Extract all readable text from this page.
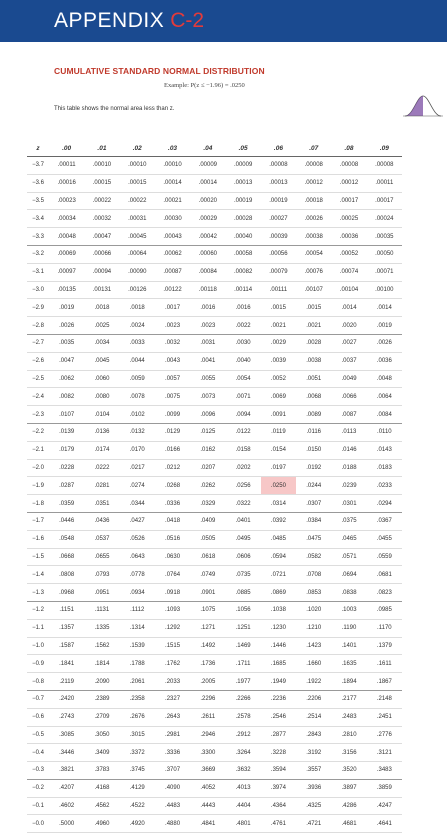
APPENDIX C-2
CUMULATIVE STANDARD NORMAL DISTRIBUTION
Example: P(z ≤ −1.96) = .0250
This table shows the normal area less than z.
z	.00	.01	.02	.03	.04	.05	.06	.07	.08	.09
−3.7	.00011	.00010	.00010	.00010	.00009	.00009	.00008	.00008	.00008	.00008
−3.6	.00016	.00015	.00015	.00014	.00014	.00013	.00013	.00012	.00012	.00011
−3.5	.00023	.00022	.00022	.00021	.00020	.00019	.00019	.00018	.00017	.00017
−3.4	.00034	.00032	.00031	.00030	.00029	.00028	.00027	.00026	.00025	.00024
−3.3	.00048	.00047	.00045	.00043	.00042	.00040	.00039	.00038	.00036	.00035
−3.2	.00069	.00066	.00064	.00062	.00060	.00058	.00056	.00054	.00052	.00050
−3.1	.00097	.00094	.00090	.00087	.00084	.00082	.00079	.00076	.00074	.00071
−3.0	.00135	.00131	.00126	.00122	.00118	.00114	.00111	.00107	.00104	.00100
−2.9	.0019	.0018	.0018	.0017	.0016	.0016	.0015	.0015	.0014	.0014
−2.8	.0026	.0025	.0024	.0023	.0023	.0022	.0021	.0021	.0020	.0019
−2.7	.0035	.0034	.0033	.0032	.0031	.0030	.0029	.0028	.0027	.0026
−2.6	.0047	.0045	.0044	.0043	.0041	.0040	.0039	.0038	.0037	.0036
−2.5	.0062	.0060	.0059	.0057	.0055	.0054	.0052	.0051	.0049	.0048
−2.4	.0082	.0080	.0078	.0075	.0073	.0071	.0069	.0068	.0066	.0064
−2.3	.0107	.0104	.0102	.0099	.0096	.0094	.0091	.0089	.0087	.0084
−2.2	.0139	.0136	.0132	.0129	.0125	.0122	.0119	.0116	.0113	.0110
−2.1	.0179	.0174	.0170	.0166	.0162	.0158	.0154	.0150	.0146	.0143
−2.0	.0228	.0222	.0217	.0212	.0207	.0202	.0197	.0192	.0188	.0183
−1.9	.0287	.0281	.0274	.0268	.0262	.0256	.0250	.0244	.0239	.0233
−1.8	.0359	.0351	.0344	.0336	.0329	.0322	.0314	.0307	.0301	.0294
−1.7	.0446	.0436	.0427	.0418	.0409	.0401	.0392	.0384	.0375	.0367
−1.6	.0548	.0537	.0526	.0516	.0505	.0495	.0485	.0475	.0465	.0455
−1.5	.0668	.0655	.0643	.0630	.0618	.0606	.0594	.0582	.0571	.0559
−1.4	.0808	.0793	.0778	.0764	.0749	.0735	.0721	.0708	.0694	.0681
−1.3	.0968	.0951	.0934	.0918	.0901	.0885	.0869	.0853	.0838	.0823
−1.2	.1151	.1131	.1112	.1093	.1075	.1056	.1038	.1020	.1003	.0985
−1.1	.1357	.1335	.1314	.1292	.1271	.1251	.1230	.1210	.1190	.1170
−1.0	.1587	.1562	.1539	.1515	.1492	.1469	.1446	.1423	.1401	.1379
−0.9	.1841	.1814	.1788	.1762	.1736	.1711	.1685	.1660	.1635	.1611
−0.8	.2119	.2090	.2061	.2033	.2005	.1977	.1949	.1922	.1894	.1867
−0.7	.2420	.2389	.2358	.2327	.2296	.2266	.2236	.2206	.2177	.2148
−0.6	.2743	.2709	.2676	.2643	.2611	.2578	.2546	.2514	.2483	.2451
−0.5	.3085	.3050	.3015	.2981	.2946	.2912	.2877	.2843	.2810	.2776
−0.4	.3446	.3409	.3372	.3336	.3300	.3264	.3228	.3192	.3156	.3121
−0.3	.3821	.3783	.3745	.3707	.3669	.3632	.3594	.3557	.3520	.3483
−0.2	.4207	.4168	.4129	.4090	.4052	.4013	.3974	.3936	.3897	.3859
−0.1	.4602	.4562	.4522	.4483	.4443	.4404	.4364	.4325	.4286	.4247
−0.0	.5000	.4960	.4920	.4880	.4841	.4801	.4761	.4721	.4681	.4641
